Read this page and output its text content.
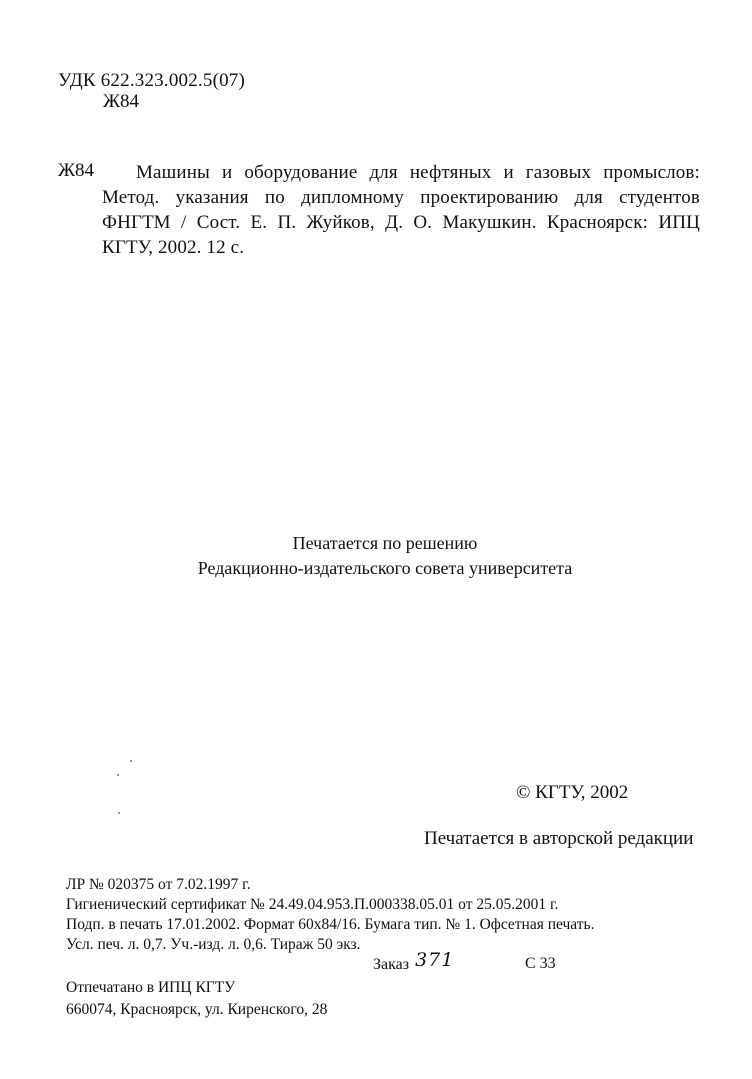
УДК 622.323.002.5(07)
Ж84
Ж84	Машины и оборудование для нефтяных и газовых промыслов: Метод. указания по дипломному проектированию для студентов ФНГТМ / Сост. Е. П. Жуйков, Д. О. Макушкин. Красноярск: ИПЦ КГТУ, 2002. 12 с.
Печатается по решению
Редакционно-издательского совета университета
© КГТУ, 2002
Печатается в авторской редакции
ЛР № 020375 от 7.02.1997 г.
Гигиенический сертификат № 24.49.04.953.П.000338.05.01 от 25.05.2001 г.
Подп. в печать 17.01.2002. Формат 60x84/16. Бумага тип. № 1. Офсетная печать.
Усл. печ. л. 0,7. Уч.-изд. л. 0,6. Тираж 50 экз.
Заказ 371	С 33
Отпечатано в ИПЦ КГТУ
660074, Красноярск, ул. Киренского, 28
